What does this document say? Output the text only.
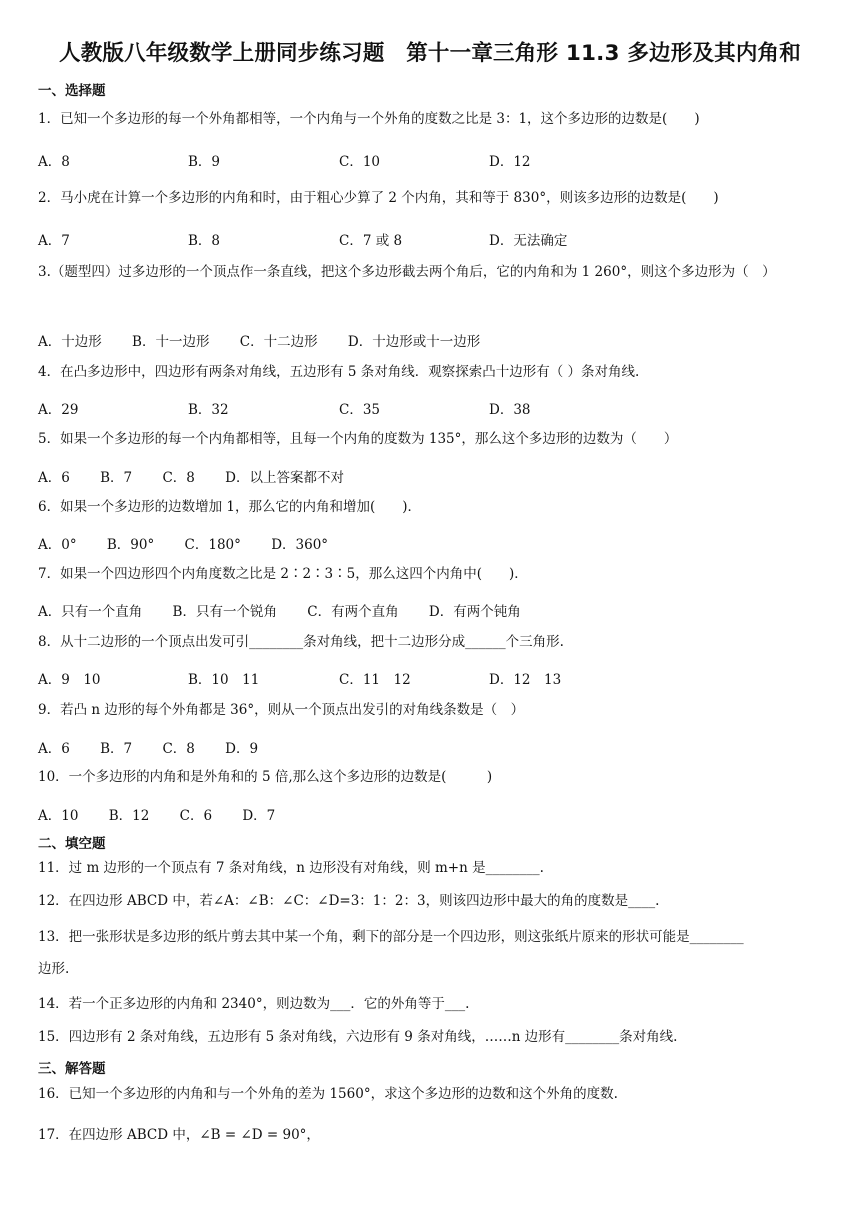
人教版八年级数学上册同步练习题　第十一章三角形 11.3 多边形及其内角和
一、选择题
1．已知一个多边形的每一个外角都相等，一个内角与一个外角的度数之比是 3：1，这个多边形的边数是(　　)
A．8	B．9	C．10	D．12
2．马小虎在计算一个多边形的内角和时，由于粗心少算了 2 个内角，其和等于 830°，则该多边形的边数是(　　)
A．7	B．8	C．7 或 8	D．无法确定
3.（题型四）过多边形的一个顶点作一条直线，把这个多边形截去两个角后，它的内角和为 1 260°，则这个多边形为（　）
A．十边形 B．十一边形 C．十二边形 D．十边形或十一边形
4．在凸多边形中，四边形有两条对角线，五边形有 5 条对角线．观察探索凸十边形有（ ）条对角线.
A．29	B．32	C．35	D．38
5．如果一个多边形的每一个内角都相等，且每一个内角的度数为 135°，那么这个多边形的边数为（　　）
A．6 B．7 C．8 D．以上答案都不对
6．如果一个多边形的边数增加 1，那么它的内角和增加(　　)．
A．0° B．90° C．180° D．360°
7．如果一个四边形四个内角度数之比是 2∶2∶3∶5，那么这四个内角中(　　)．
A．只有一个直角 B．只有一个锐角 C．有两个直角 D．有两个钝角
8．从十二边形的一个顶点出发可引________条对角线，把十二边形分成______个三角形.
A．9　10	B．10　11	C．11　12	D．12　13
9．若凸 n 边形的每个外角都是 36°，则从一个顶点出发引的对角线条数是（　）
A．6 B．7 C．8 D．9
10．一个多边形的内角和是外角和的 5 倍,那么这个多边形的边数是(　　　)
A．10 B．12 C．6 D．7
二、填空题
11．过 m 边形的一个顶点有 7 条对角线，n 边形没有对角线，则 m+n 是________.
12．在四边形 ABCD 中，若∠A：∠B：∠C：∠D=3：1：2：3，则该四边形中最大的角的度数是____.
13．把一张形状是多边形的纸片剪去其中某一个角，剩下的部分是一个四边形，则这张纸片原来的形状可能是________
边形.
14．若一个正多边形的内角和 2340°，则边数为___．它的外角等于___.
15．四边形有 2 条对角线，五边形有 5 条对角线，六边形有 9 条对角线，……n 边形有________条对角线.
三、解答题
16．已知一个多边形的内角和与一个外角的差为 1560°，求这个多边形的边数和这个外角的度数.
17．在四边形 ABCD 中，∠B = ∠D = 90°，
